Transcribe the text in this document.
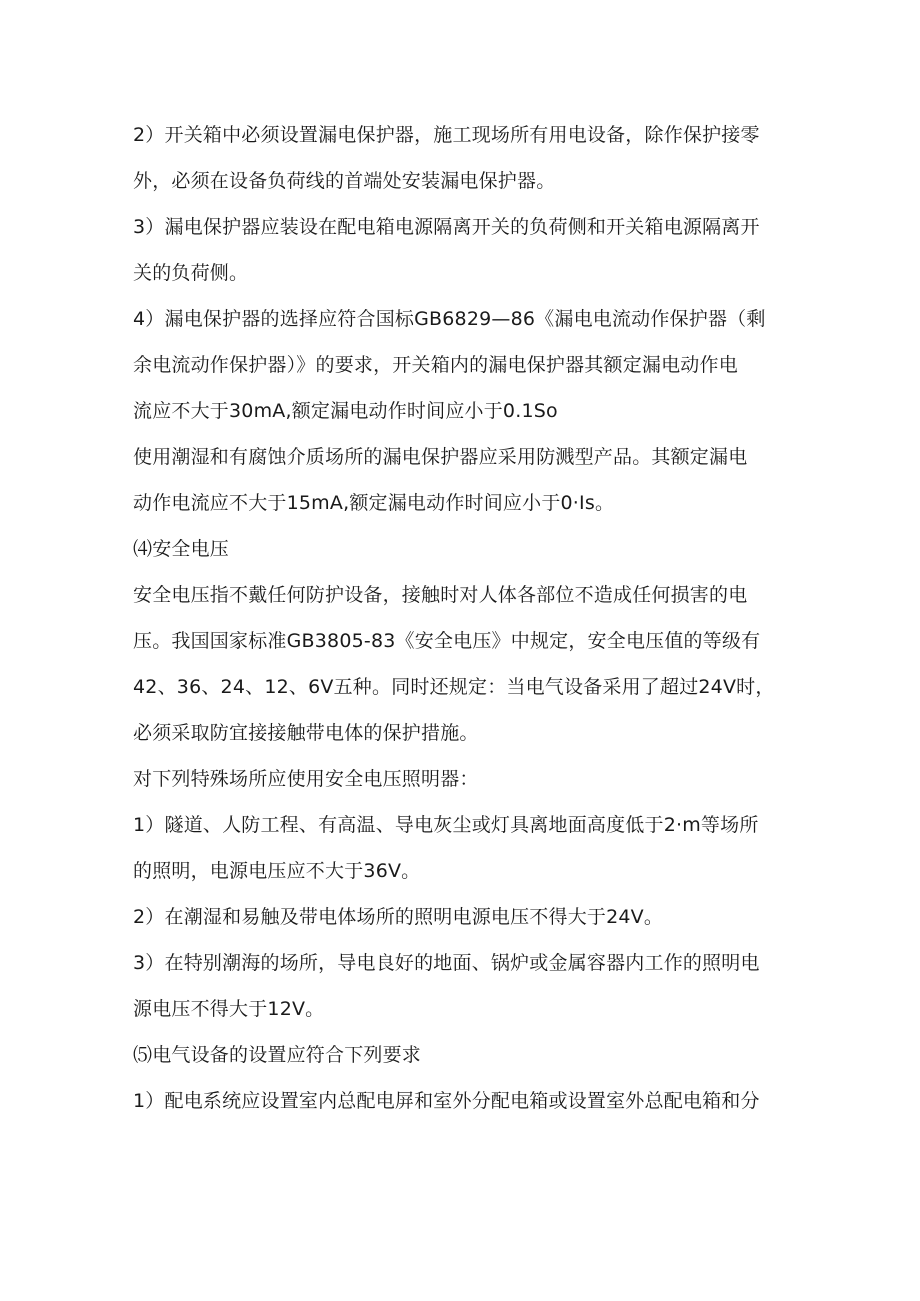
2）开关箱中必须设置漏电保护器，施工现场所有用电设备，除作保护接零
外，必须在设备负荷线的首端处安装漏电保护器。
3）漏电保护器应装设在配电箱电源隔离开关的负荷侧和开关箱电源隔离开
关的负荷侧。
4）漏电保护器的选择应符合国标GB6829—86《漏电电流动作保护器（剩
余电流动作保护器）》的要求，开关箱内的漏电保护器其额定漏电动作电
流应不大于30mA,额定漏电动作时间应小于0.1So
使用潮湿和有腐蚀介质场所的漏电保护器应采用防溅型产品。其额定漏电
动作电流应不大于15mA,额定漏电动作时间应小于0·Is。
⑷安全电压
安全电压指不戴任何防护设备，接触时对人体各部位不造成任何损害的电
压。我国国家标准GB3805-83《安全电压》中规定，安全电压值的等级有
42、36、24、12、6V五种。同时还规定：当电气设备采用了超过24V时，
必须采取防宜接接触带电体的保护措施。
对下列特殊场所应使用安全电压照明器：
1）隧道、人防工程、有高温、导电灰尘或灯具离地面高度低于2·m等场所
的照明，电源电压应不大于36V。
2）在潮湿和易触及带电体场所的照明电源电压不得大于24V。
3）在特别潮海的场所，导电良好的地面、锅炉或金属容器内工作的照明电
源电压不得大于12V。
⑸电气设备的设置应符合下列要求
1）配电系统应设置室内总配电屏和室外分配电箱或设置室外总配电箱和分
